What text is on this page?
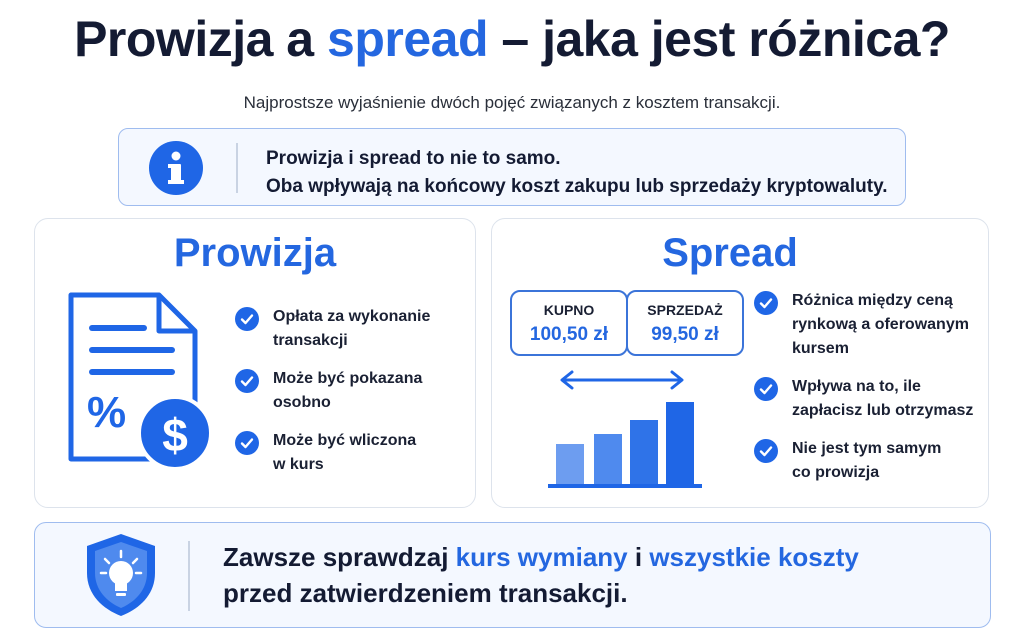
Prowizja a spread – jaka jest różnica?
Najprostsze wyjaśnienie dwóch pojęć związanych z kosztem transakcji.
Prowizja i spread to nie to samo.
Oba wpływają na końcowy koszt zakupu lub sprzedaży kryptowaluty.
Prowizja
% $
Opłata za wykonanie
transakcji
Może być pokazana
osobno
Może być wliczona
w kurs
Spread
Różnica między ceną
rynkową a oferowanym
kursem
Wpływa na to, ile
zapłacisz lub otrzymasz
Nie jest tym samym
co prowizja
KUPNO
100,50 zł
SPRZEDAŻ
99,50 zł
Zawsze sprawdzaj kurs wymiany i wszystkie koszty
przed zatwierdzeniem transakcji.
